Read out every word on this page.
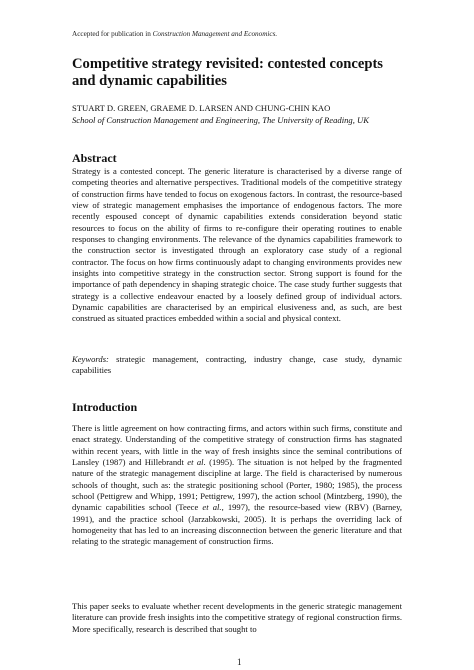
Accepted for publication in Construction Management and Economics.
Competitive strategy revisited: contested concepts and dynamic capabilities
STUART D. GREEN, GRAEME D. LARSEN AND CHUNG-CHIN KAO
School of Construction Management and Engineering, The University of Reading, UK
Abstract

Strategy is a contested concept. The generic literature is characterised by a diverse range of competing theories and alternative perspectives. Traditional models of the competitive strategy of construction firms have tended to focus on exogenous factors. In contrast, the resource-based view of strategic management emphasises the importance of endogenous factors. The more recently espoused concept of dynamic capabilities extends consideration beyond static resources to focus on the ability of firms to re-configure their operating routines to enable responses to changing environments. The relevance of the dynamics capabilities framework to the construction sector is investigated through an exploratory case study of a regional contractor. The focus on how firms continuously adapt to changing environments provides new insights into competitive strategy in the construction sector. Strong support is found for the importance of path dependency in shaping strategic choice. The case study further suggests that strategy is a collective endeavour enacted by a loosely defined group of individual actors. Dynamic capabilities are characterised by an empirical elusiveness and, as such, are best construed as situated practices embedded within a social and physical context.

Keywords: strategic management, contracting, industry change, case study, dynamic capabilities

Introduction

There is little agreement on how contracting firms, and actors within such firms, constitute and enact strategy. Understanding of the competitive strategy of construction firms has stagnated within recent years, with little in the way of fresh insights since the seminal contributions of Lansley (1987) and Hillebrandt et al. (1995). The situation is not helped by the fragmented nature of the strategic management discipline at large. The field is characterised by numerous schools of thought, such as: the strategic positioning school (Porter, 1980; 1985), the process school (Pettigrew and Whipp, 1991; Pettigrew, 1997), the action school (Mintzberg, 1990), the dynamic capabilities school (Teece et al., 1997), the resource-based view (RBV) (Barney, 1991), and the practice school (Jarzabkowski, 2005). It is perhaps the overriding lack of homogeneity that has led to an increasing disconnection between the generic literature and that relating to the strategic management of construction firms.

This paper seeks to evaluate whether recent developments in the generic strategic management literature can provide fresh insights into the competitive strategy of regional construction firms. More specifically, research is described that sought to

1
